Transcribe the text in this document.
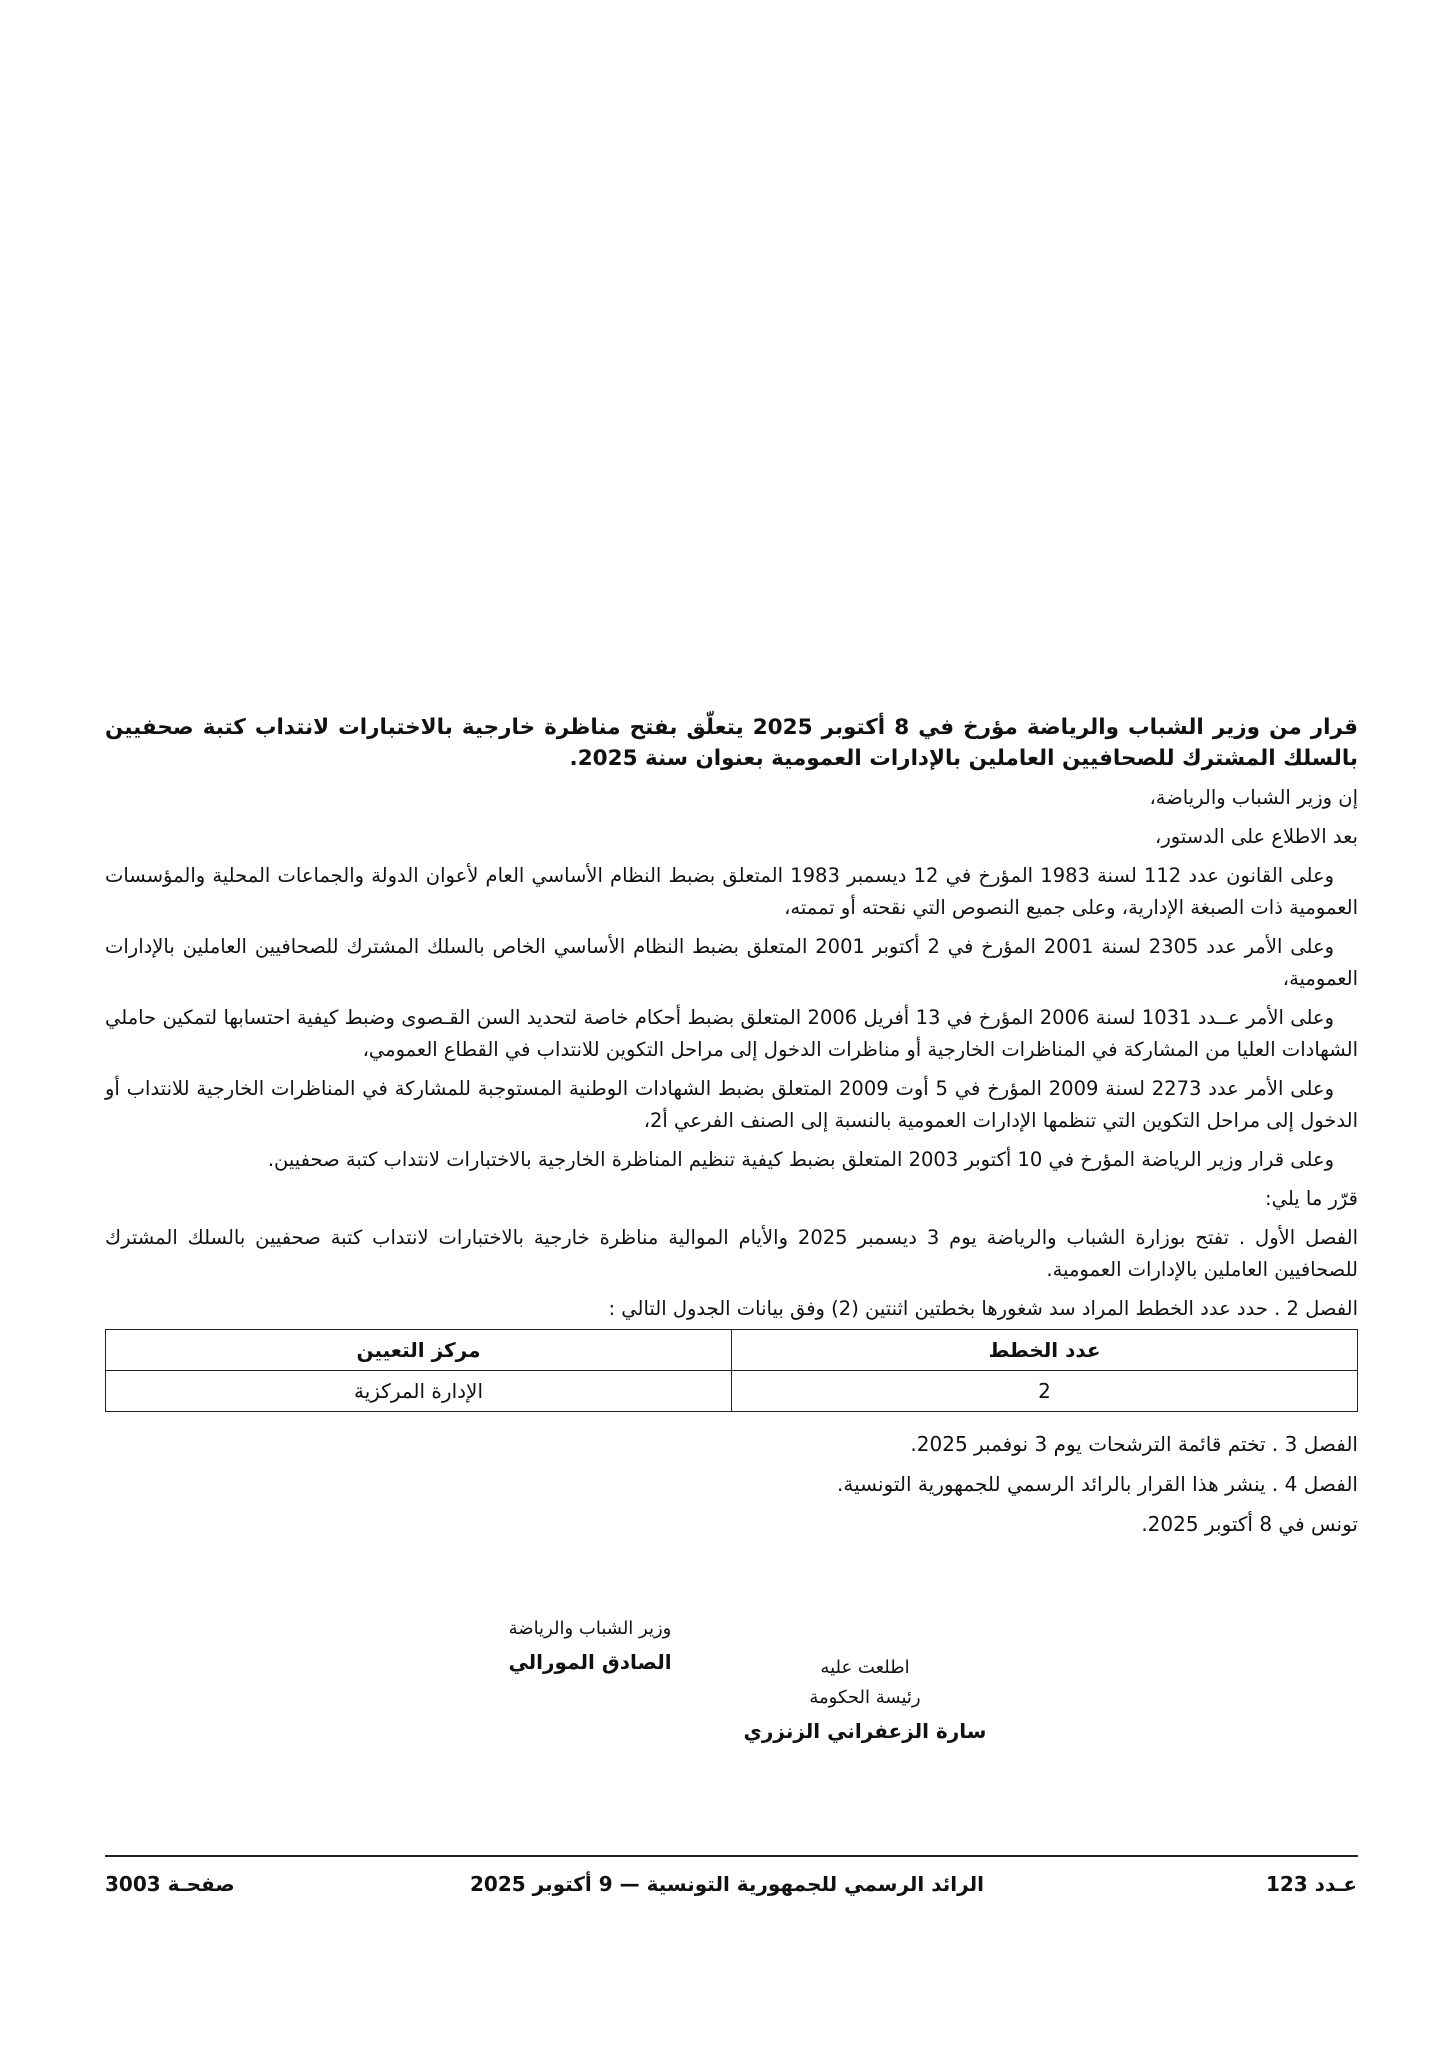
قرار من وزير الشباب والرياضة مؤرخ في 8 أكتوبر 2025 يتعلّق بفتح مناظرة خارجية بالاختبارات لانتداب كتبة صحفيين بالسلك المشترك للصحافيين العاملين بالإدارات العمومية بعنوان سنة 2025.

إن وزير الشباب والرياضة،

بعد الاطلاع على الدستور،

وعلى القانون عدد 112 لسنة 1983 المؤرخ في 12 ديسمبر 1983 المتعلق بضبط النظام الأساسي العام لأعوان الدولة والجماعات المحلية والمؤسسات العمومية ذات الصبغة الإدارية، وعلى جميع النصوص التي نقحته أو تممته،

وعلى الأمر عدد 2305 لسنة 2001 المؤرخ في 2 أكتوبر 2001 المتعلق بضبط النظام الأساسي الخاص بالسلك المشترك للصحافيين العاملين بالإدارات العمومية،

وعلى الأمر عــدد 1031 لسنة 2006 المؤرخ في 13 أفريل 2006 المتعلق بضبط أحكام خاصة لتحديد السن القـصوى وضبط كيفية احتسابها لتمكين حاملي الشهادات العليا من المشاركة في المناظرات الخارجية أو مناظرات الدخول إلى مراحل التكوين للانتداب في القطاع العمومي،

وعلى الأمر عدد 2273 لسنة 2009 المؤرخ في 5 أوت 2009 المتعلق بضبط الشهادات الوطنية المستوجبة للمشاركة في المناظرات الخارجية للانتداب أو الدخول إلى مراحل التكوين التي تنظمها الإدارات العمومية بالنسبة إلى الصنف الفرعي أ2،

وعلى قرار وزير الرياضة المؤرخ في 10 أكتوبر 2003 المتعلق بضبط كيفية تنظيم المناظرة الخارجية بالاختبارات لانتداب كتبة صحفيين.

قرّر ما يلي:

الفصل الأول . تفتح بوزارة الشباب والرياضة يوم 3 ديسمبر 2025 والأيام الموالية مناظرة خارجية بالاختبارات لانتداب كتبة صحفيين بالسلك المشترك للصحافيين العاملين بالإدارات العمومية.

الفصل 2 . حدد عدد الخطط المراد سد شغورها بخطتين اثنتين (2) وفق بيانات الجدول التالي :

عدد الخطط	مركز التعيين
2	الإدارة المركزية

الفصل 3 . تختم قائمة الترشحات يوم 3 نوفمبر 2025.

الفصل 4 . ينشر هذا القرار بالرائد الرسمي للجمهورية التونسية.

تونس في 8 أكتوبر 2025.

وزير الشباب والرياضة
الصادق المورالي	اطلعت عليه
رئيسة الحكومة
سارة الزعفراني الزنزري
عـدد 123
الرائد الرسمي للجمهورية التونسية — 9 أكتوبر 2025
صفحـة 3003
